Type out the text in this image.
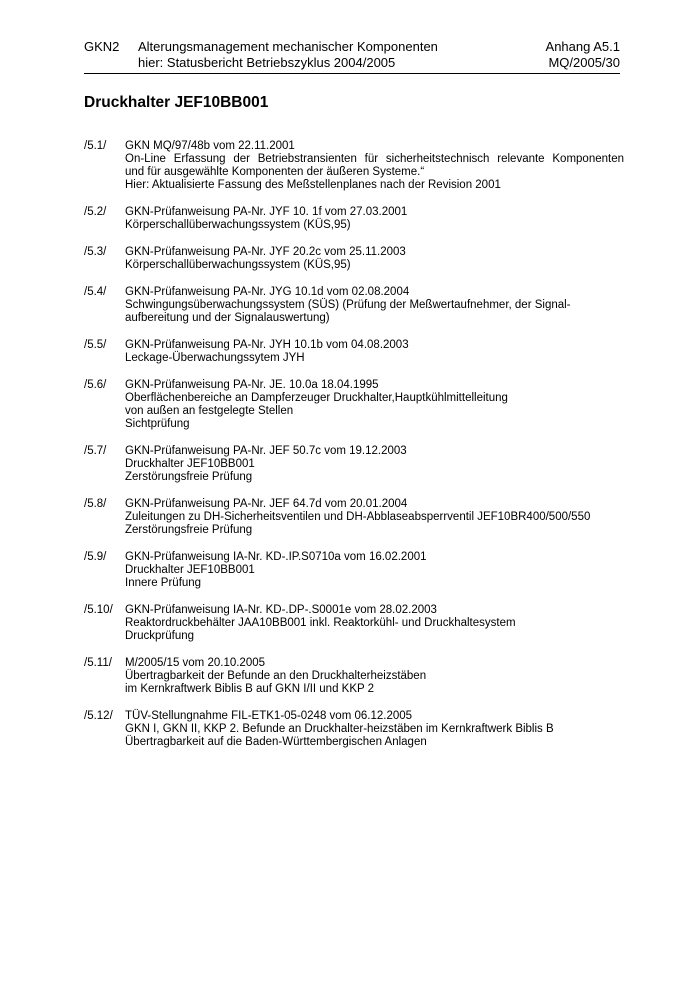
GKN2 Alterungsmanagement mechanischer Komponenten
hier: Statusbericht Betriebszyklus 2004/2005
Anhang A5.1
MQ/2005/30
Druckhalter JEF10BB001
/5.1/ GKN MQ/97/48b vom 22.11.2001
On-Line Erfassung der Betriebstransienten für sicherheitstechnisch relevante Komponenten
und für ausgewählte Komponenten der äußeren Systeme.“
Hier: Aktualisierte Fassung des Meßstellenplanes nach der Revision 2001
/5.2/ GKN-Prüfanweisung PA-Nr. JYF 10. 1f vom 27.03.2001
Körperschallüberwachungssystem (KÜS,95)
/5.3/ GKN-Prüfanweisung PA-Nr. JYF 20.2c vom 25.11.2003
Körperschallüberwachungssystem (KÜS,95)
/5.4/ GKN-Prüfanweisung PA-Nr. JYG 10.1d vom 02.08.2004
Schwingungsüberwachungssystem (SÜS) (Prüfung der Meßwertaufnehmer, der Signal-
aufbereitung und der Signalauswertung)
/5.5/ GKN-Prüfanweisung PA-Nr. JYH 10.1b vom 04.08.2003
Leckage-Überwachungssytem JYH
/5.6/ GKN-Prüfanweisung PA-Nr. JE. 10.0a 18.04.1995
Oberflächenbereiche an Dampferzeuger Druckhalter,Hauptkühlmittelleitung
von außen an festgelegte Stellen
Sichtprüfung
/5.7/ GKN-Prüfanweisung PA-Nr. JEF 50.7c vom 19.12.2003
Druckhalter JEF10BB001
Zerstörungsfreie Prüfung
/5.8/ GKN-Prüfanweisung PA-Nr. JEF 64.7d vom 20.01.2004
Zuleitungen zu DH-Sicherheitsventilen und DH-Abblaseabsperrventil JEF10BR400/500/550
Zerstörungsfreie Prüfung
/5.9/ GKN-Prüfanweisung IA-Nr. KD-.IP.S0710a vom 16.02.2001
Druckhalter JEF10BB001
Innere Prüfung
/5.10/ GKN-Prüfanweisung IA-Nr. KD-.DP-.S0001e vom 28.02.2003
Reaktordruckbehälter JAA10BB001 inkl. Reaktorkühl- und Druckhaltesystem
Druckprüfung
/5.11/ M/2005/15 vom 20.10.2005
Übertragbarkeit der Befunde an den Druckhalterheizstäben
im Kernkraftwerk Biblis B auf GKN I/II und KKP 2
/5.12/ TÜV-Stellungnahme FIL-ETK1-05-0248 vom 06.12.2005
GKN I, GKN II, KKP 2. Befunde an Druckhalter-heizstäben im Kernkraftwerk Biblis B
Übertragbarkeit auf die Baden-Württembergischen Anlagen
